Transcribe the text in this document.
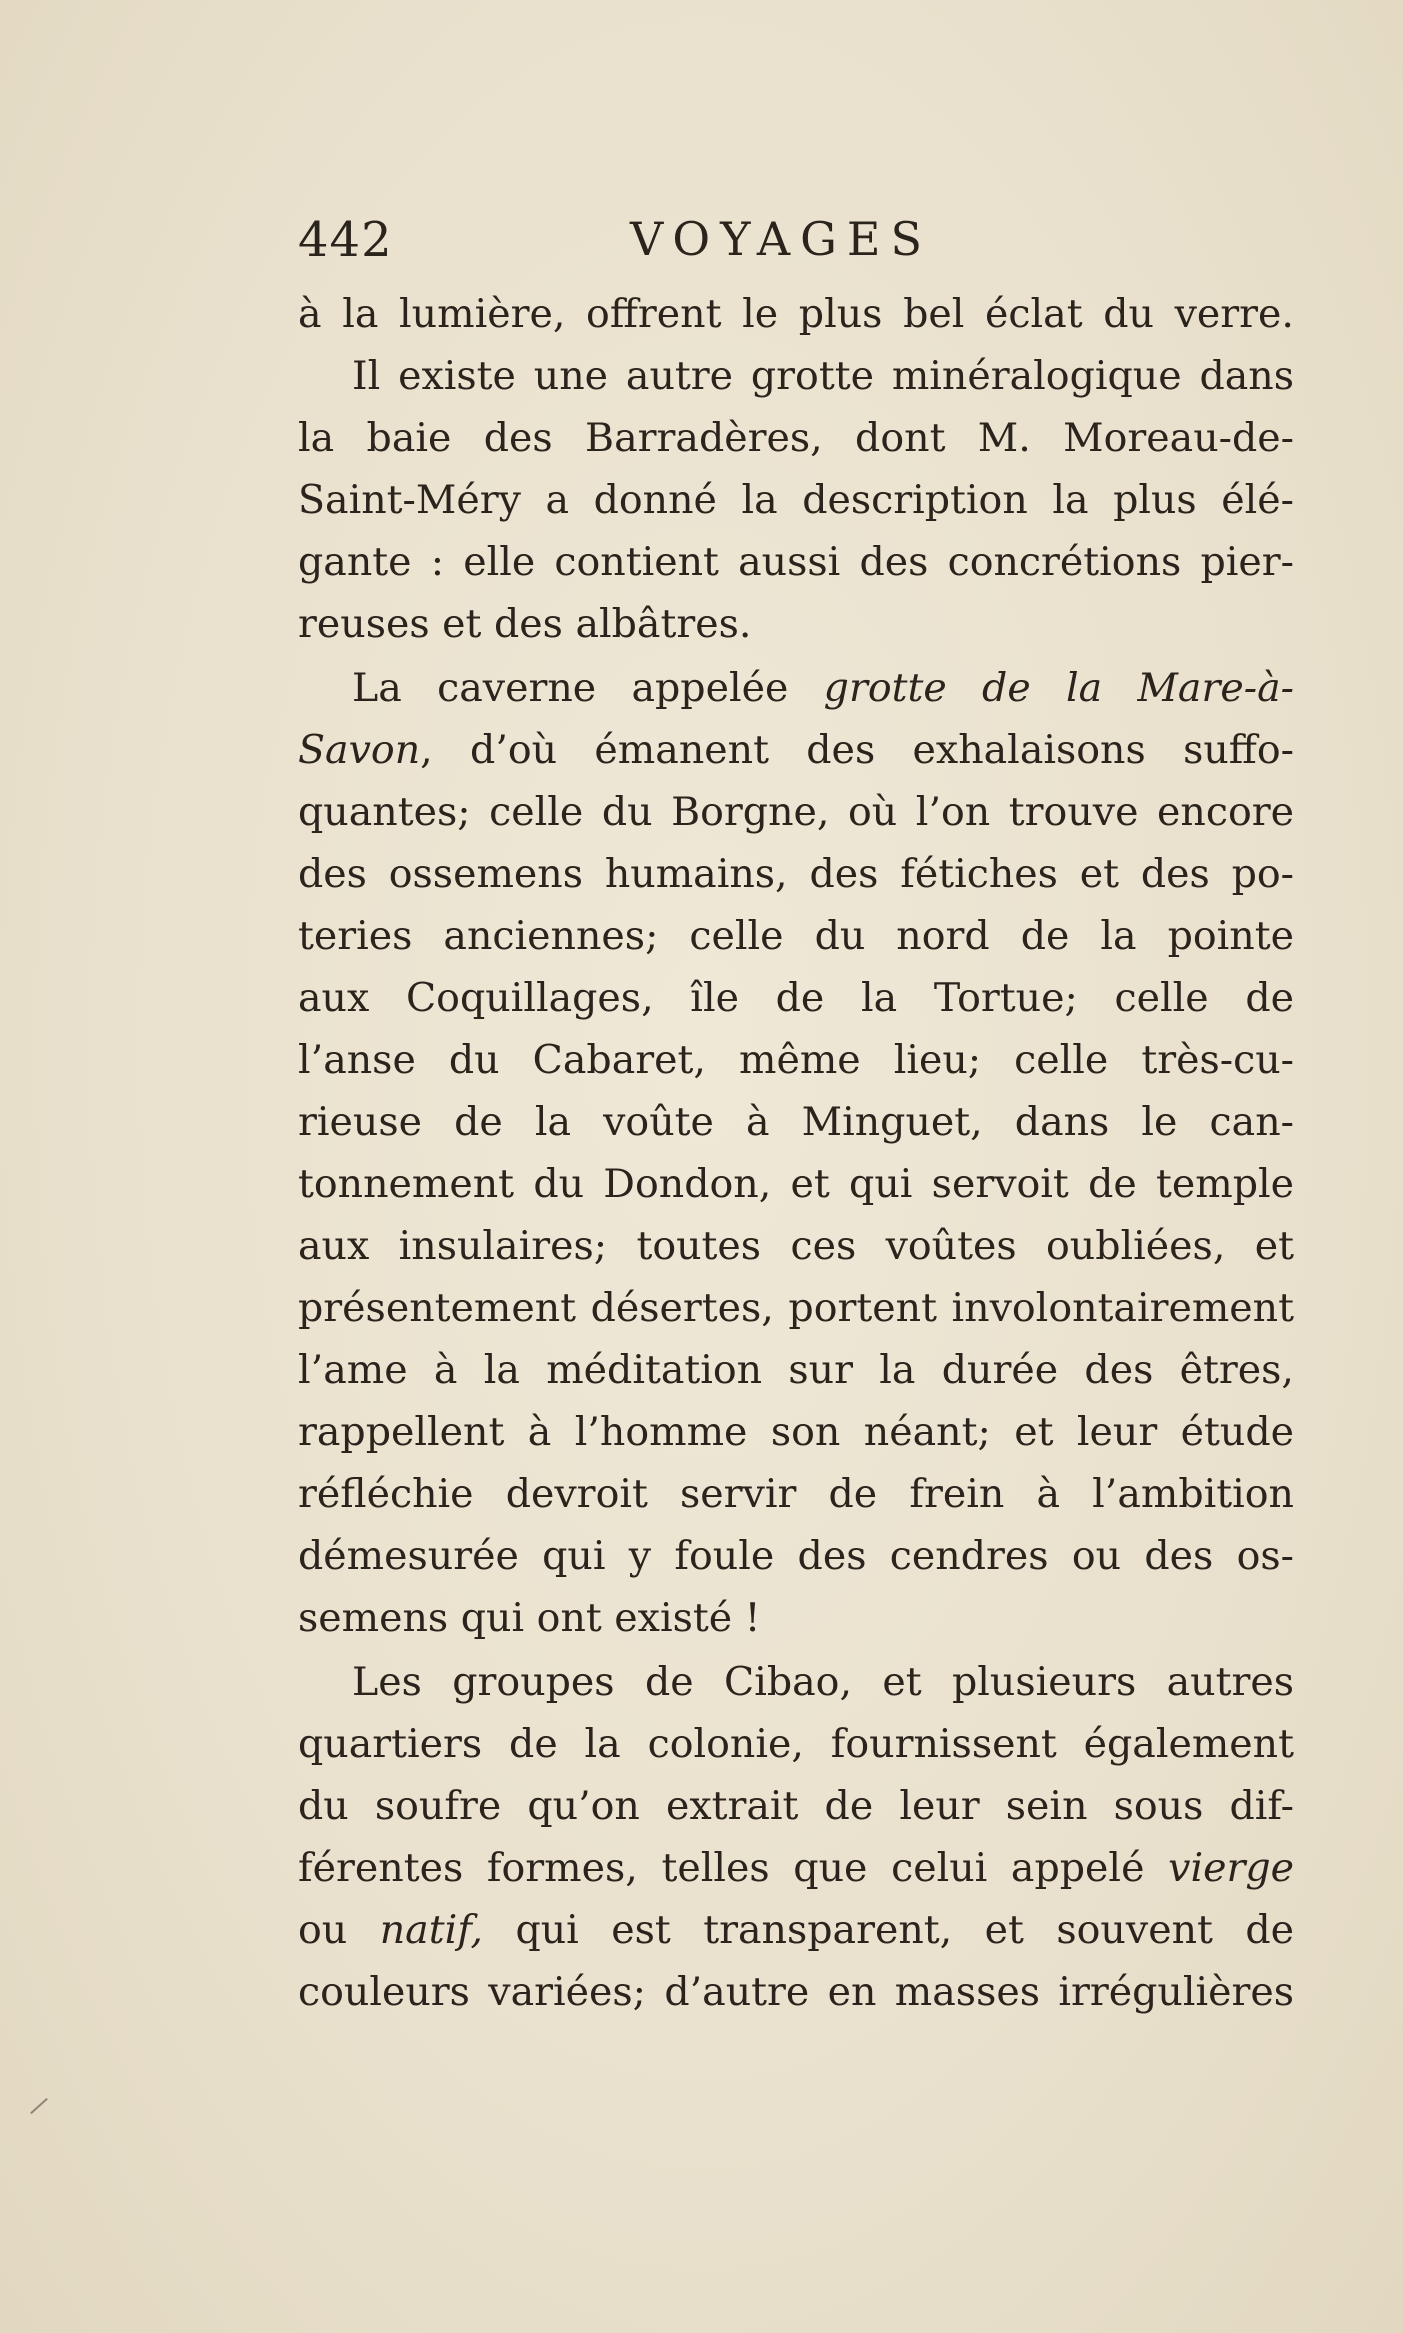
442	VOYAGES
à la lumière, offrent le plus bel éclat du verre.
Il existe une autre grotte minéralogique dans
la baie des Barradères, dont M. Moreau-de-
Saint-Méry a donné la description la plus élé-
gante : elle contient aussi des concrétions pier-
reuses et des albâtres.
La caverne appelée grotte de la Mare-à-
Savon, d’où émanent des exhalaisons suffo-
quantes; celle du Borgne, où l’on trouve encore
des ossemens humains, des fétiches et des po-
teries anciennes; celle du nord de la pointe
aux Coquillages, île de la Tortue; celle de
l’anse du Cabaret, même lieu; celle très-cu-
rieuse de la voûte à Minguet, dans le can-
tonnement du Dondon, et qui servoit de temple
aux insulaires; toutes ces voûtes oubliées, et
présentement désertes, portent involontairement
l’ame à la méditation sur la durée des êtres,
rappellent à l’homme son néant; et leur étude
réfléchie devroit servir de frein à l’ambition
démesurée qui y foule des cendres ou des os-
semens qui ont existé !
Les groupes de Cibao, et plusieurs autres
quartiers de la colonie, fournissent également
du soufre qu’on extrait de leur sein sous dif-
férentes formes, telles que celui appelé vierge
ou natif, qui est transparent, et souvent de
couleurs variées; d’autre en masses irrégulières
